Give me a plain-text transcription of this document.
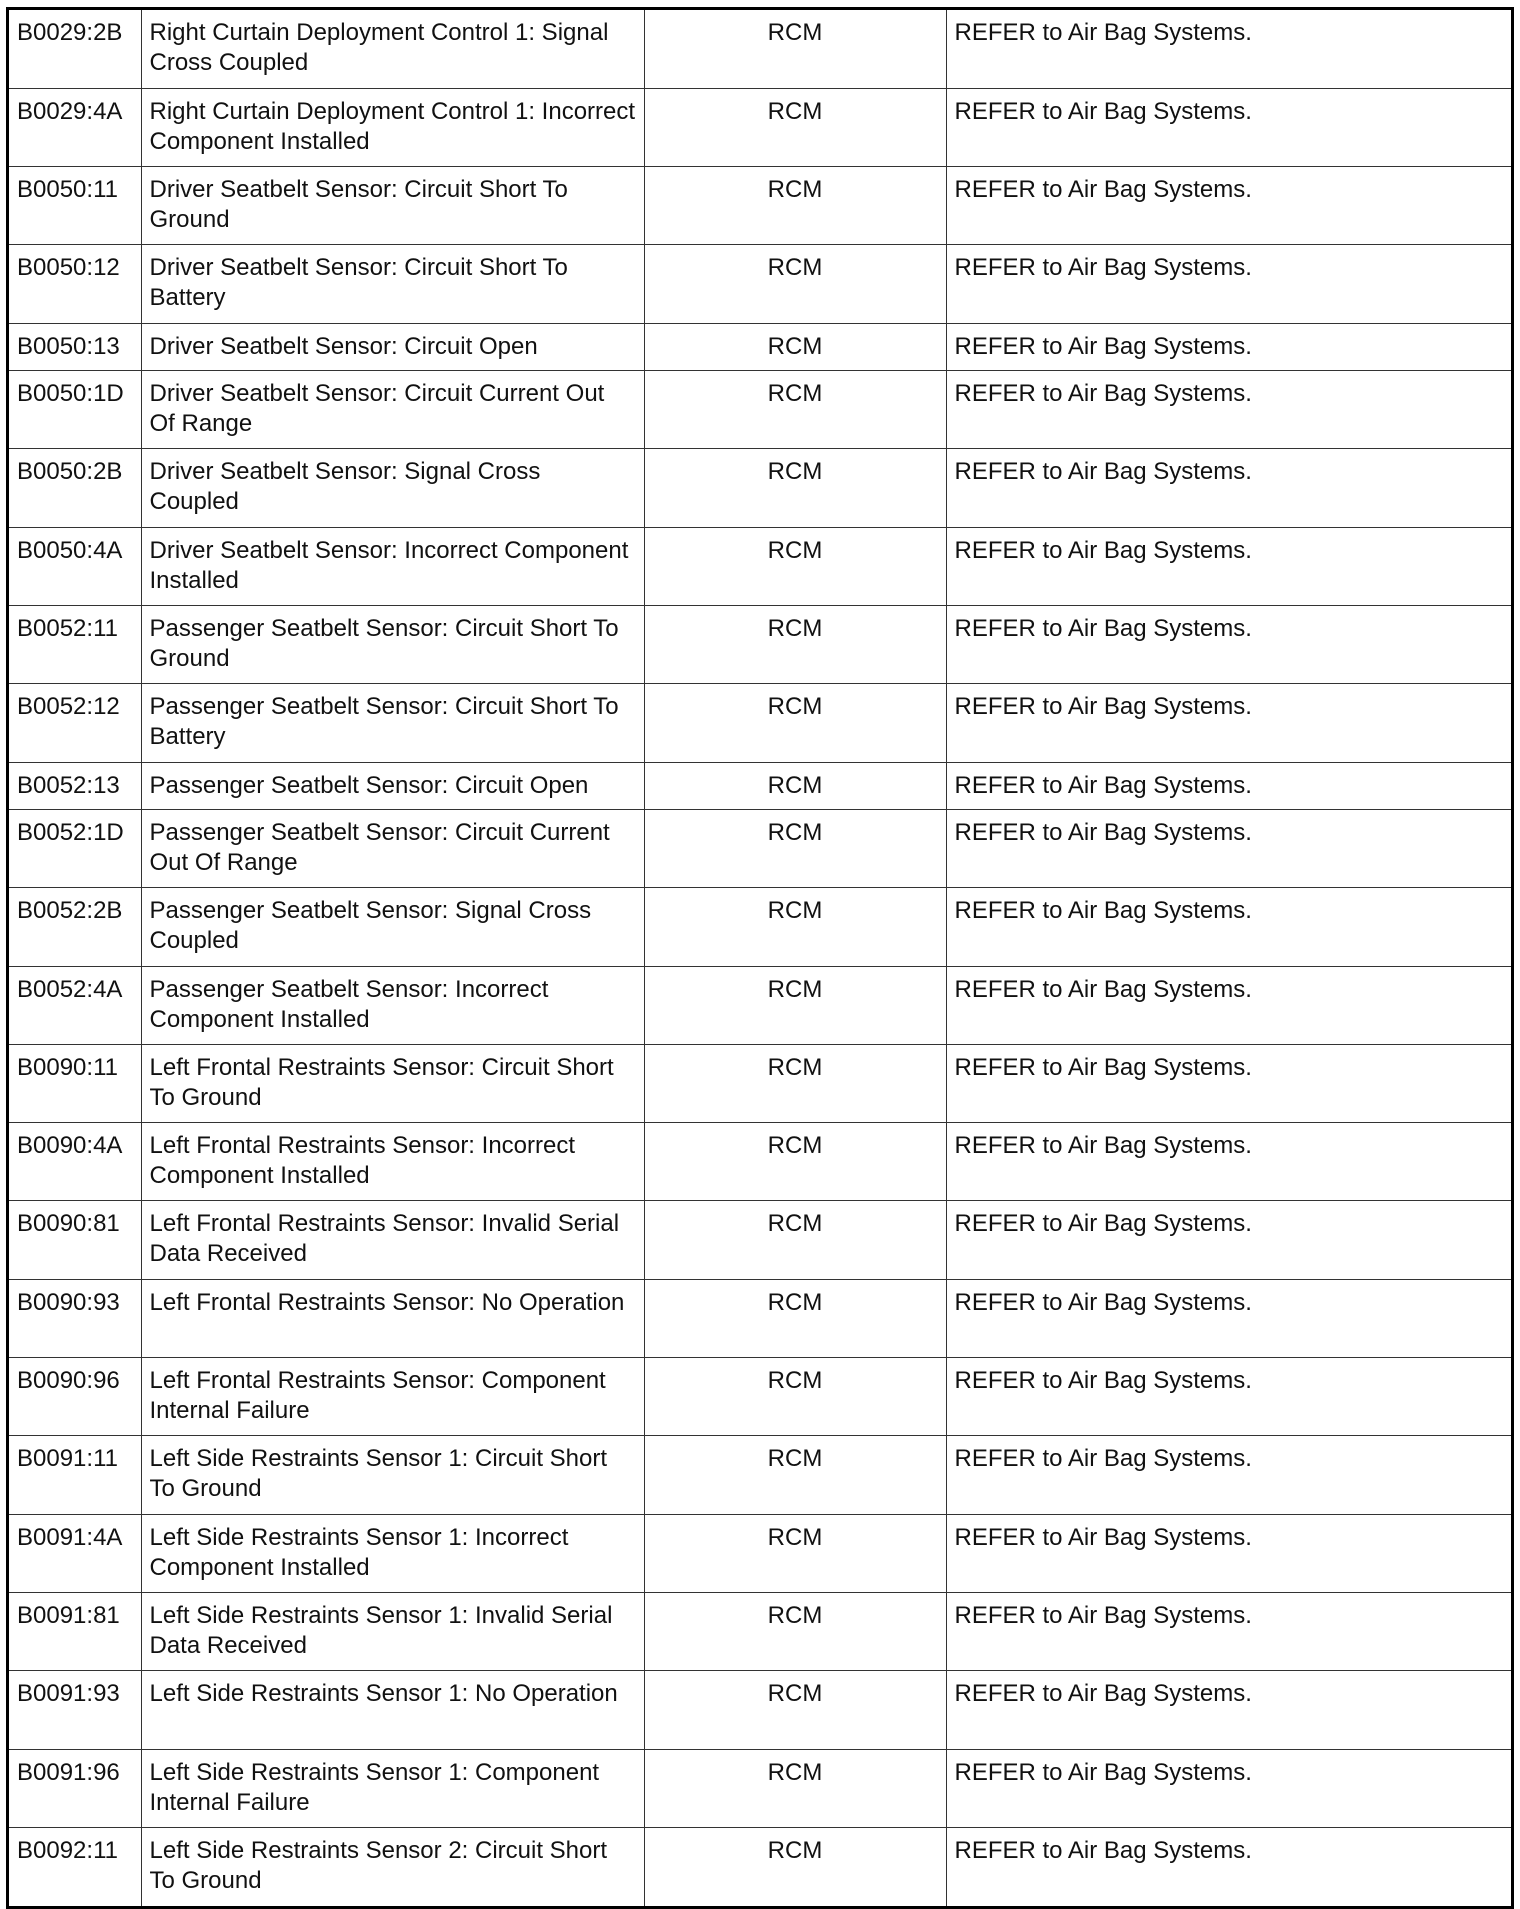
B0029:2B	Right Curtain Deployment Control 1: Signal Cross Coupled	RCM	REFER to Air Bag Systems.
B0029:4A	Right Curtain Deployment Control 1: Incorrect Component Installed	RCM	REFER to Air Bag Systems.
B0050:11	Driver Seatbelt Sensor: Circuit Short To Ground	RCM	REFER to Air Bag Systems.
B0050:12	Driver Seatbelt Sensor: Circuit Short To Battery	RCM	REFER to Air Bag Systems.
B0050:13	Driver Seatbelt Sensor: Circuit Open	RCM	REFER to Air Bag Systems.
B0050:1D	Driver Seatbelt Sensor: Circuit Current Out Of Range	RCM	REFER to Air Bag Systems.
B0050:2B	Driver Seatbelt Sensor: Signal Cross Coupled	RCM	REFER to Air Bag Systems.
B0050:4A	Driver Seatbelt Sensor: Incorrect Component Installed	RCM	REFER to Air Bag Systems.
B0052:11	Passenger Seatbelt Sensor: Circuit Short To Ground	RCM	REFER to Air Bag Systems.
B0052:12	Passenger Seatbelt Sensor: Circuit Short To Battery	RCM	REFER to Air Bag Systems.
B0052:13	Passenger Seatbelt Sensor: Circuit Open	RCM	REFER to Air Bag Systems.
B0052:1D	Passenger Seatbelt Sensor: Circuit Current Out Of Range	RCM	REFER to Air Bag Systems.
B0052:2B	Passenger Seatbelt Sensor: Signal Cross Coupled	RCM	REFER to Air Bag Systems.
B0052:4A	Passenger Seatbelt Sensor: Incorrect Component Installed	RCM	REFER to Air Bag Systems.
B0090:11	Left Frontal Restraints Sensor: Circuit Short To Ground	RCM	REFER to Air Bag Systems.
B0090:4A	Left Frontal Restraints Sensor: Incorrect Component Installed	RCM	REFER to Air Bag Systems.
B0090:81	Left Frontal Restraints Sensor: Invalid Serial Data Received	RCM	REFER to Air Bag Systems.
B0090:93	Left Frontal Restraints Sensor: No Operation	RCM	REFER to Air Bag Systems.
B0090:96	Left Frontal Restraints Sensor: Component Internal Failure	RCM	REFER to Air Bag Systems.
B0091:11	Left Side Restraints Sensor 1: Circuit Short To Ground	RCM	REFER to Air Bag Systems.
B0091:4A	Left Side Restraints Sensor 1: Incorrect Component Installed	RCM	REFER to Air Bag Systems.
B0091:81	Left Side Restraints Sensor 1: Invalid Serial Data Received	RCM	REFER to Air Bag Systems.
B0091:93	Left Side Restraints Sensor 1: No Operation	RCM	REFER to Air Bag Systems.
B0091:96	Left Side Restraints Sensor 1: Component Internal Failure	RCM	REFER to Air Bag Systems.
B0092:11	Left Side Restraints Sensor 2: Circuit Short To Ground	RCM	REFER to Air Bag Systems.
